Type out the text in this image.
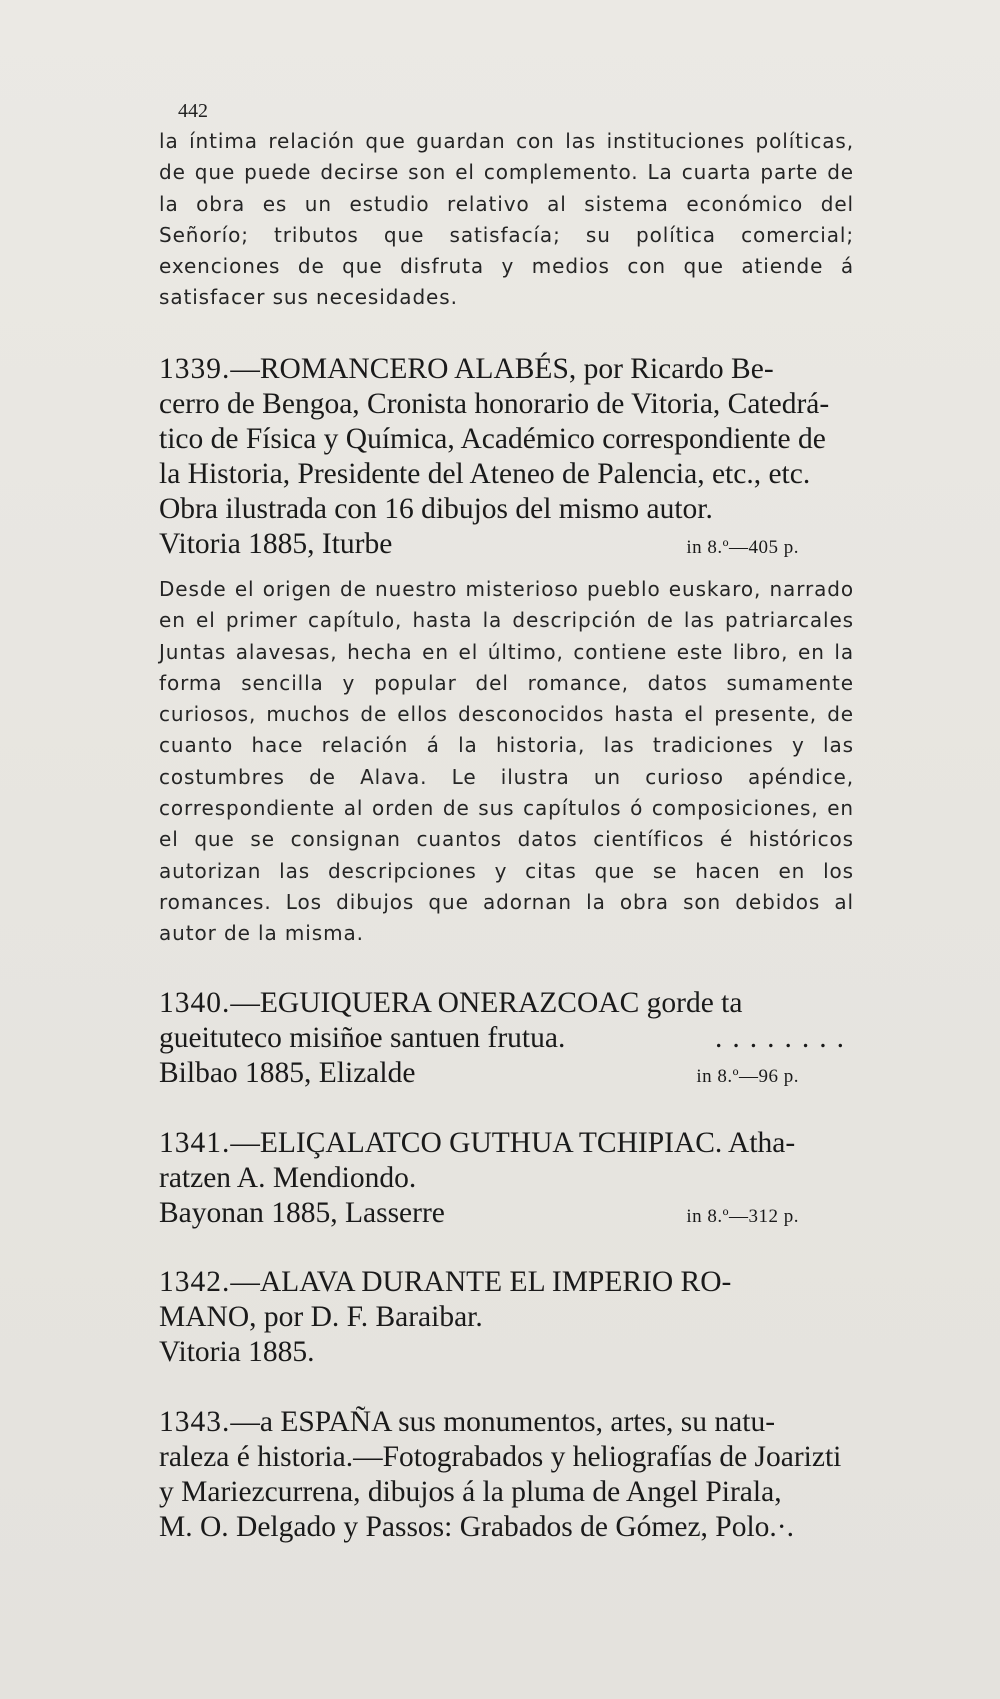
442

la íntima relación que guardan con las instituciones políticas, de que puede decirse son el complemento. La cuarta parte de la obra es un estudio relativo al sistema económico del Señorío; tributos que satisfacía; su política comercial; exenciones de que disfruta y medios con que atiende á satisfacer sus necesidades.

1339.—ROMANCERO ALABÉS, por Ricardo Be-
cerro de Bengoa, Cronista honorario de Vitoria, Catedrá-
tico de Física y Química, Académico correspondiente de
la Historia, Presidente del Ateneo de Palencia, etc., etc.
Obra ilustrada con 16 dibujos del mismo autor.

Vitoria 1885, Iturbe	in 8.º—405 p.

Desde el origen de nuestro misterioso pueblo euskaro, narrado en el primer capítulo, hasta la descripción de las patriarcales Juntas alavesas, hecha en el último, contiene este libro, en la forma sencilla y popular del romance, datos sumamente curiosos, muchos de ellos desconocidos hasta el presente, de cuanto hace relación á la historia, las tradiciones y las costumbres de Alava. Le ilustra un curioso apéndice, correspondiente al orden de sus capítulos ó composiciones, en el que se consignan cuantos datos científicos é históricos autorizan las descripciones y citas que se hacen en los romances. Los dibujos que adornan la obra son debidos al autor de la misma.

1340.—EGUIQUERA ONERAZCOAC gorde ta
gueituteco misiñoe santuen frutua.	........

Bilbao 1885, Elizalde	in 8.º—96 p.

1341.—ELIÇALATCO GUTHUA TCHIPIAC. Atha-
ratzen A. Mendiondo.

Bayonan 1885, Lasserre	in 8.º—312 p.

1342.—ALAVA DURANTE EL IMPERIO RO-
MANO, por D. F. Baraibar.
Vitoria 1885.

1343.—a ESPAÑA sus monumentos, artes, su natu-
raleza é historia.—Fotograbados y heliografías de Joarizti
y Mariezcurrena, dibujos á la pluma de Angel Pirala,
M. O. Delgado y Passos: Grabados de Gómez, Polo.·.
